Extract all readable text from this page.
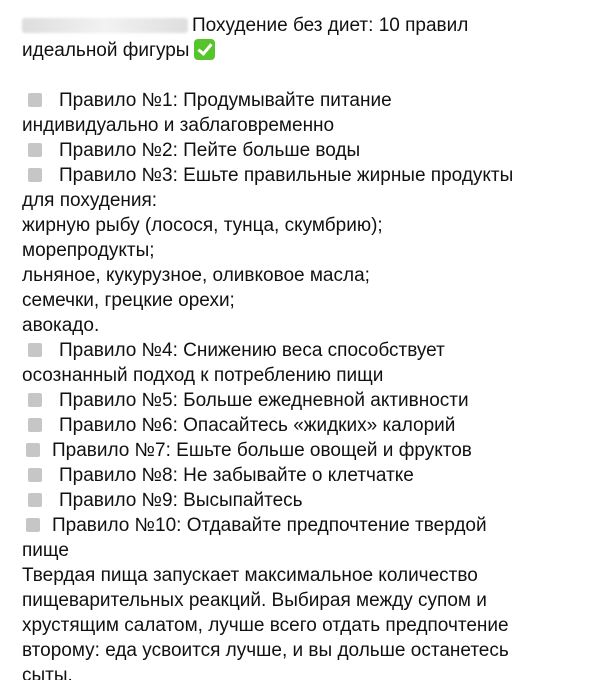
Похудение без диет: 10 правил
идеальной фигуры
Правило №1: Продумывайте питание
индивидуально и заблаговременно
Правило №2: Пейте больше воды
Правило №3: Ешьте правильные жирные продукты
для похудения:
жирную рыбу (лосося, тунца, скумбрию);
морепродукты;
льняное, кукурузное, оливковое масла;
семечки, грецкие орехи;
авокадо.
Правило №4: Снижению веса способствует
осознанный подход к потреблению пищи
Правило №5: Больше ежедневной активности
Правило №6: Опасайтесь «жидких» калорий
Правило №7: Ешьте больше овощей и фруктов
Правило №8: Не забывайте о клетчатке
Правило №9: Высыпайтесь
Правило №10: Отдавайте предпочтение твердой
пище
Твердая пища запускает максимальное количество
пищеварительных реакций. Выбирая между супом и
хрустящим салатом, лучше всего отдать предпочтение
второму: еда усвоится лучше, и вы дольше останетесь
сыты.
